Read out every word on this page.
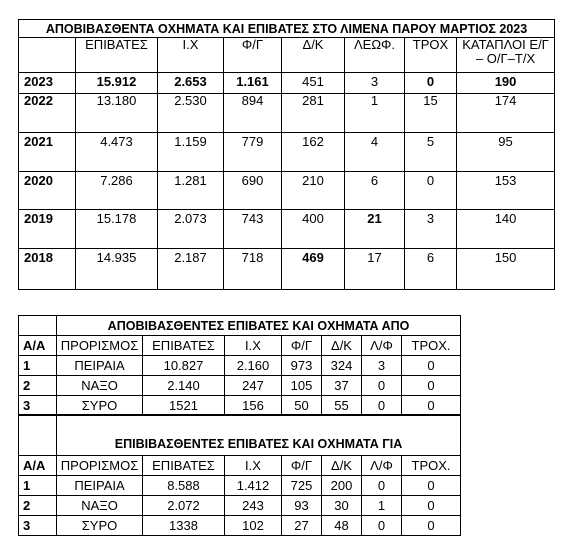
ΑΠΟΒΙΒΑΣΘΕΝΤΑ ΟΧΗΜΑΤΑ ΚΑΙ ΕΠΙΒΑΤΕΣ ΣΤΟ ΛΙΜΕΝΑ ΠΑΡΟΥ ΜΑΡΤΙΟΣ 2023							
	ΕΠΙΒΑΤΕΣ	Ι.Χ	Φ/Γ	Δ/Κ	ΛΕΩΦ.	ΤΡΟΧ	ΚΑΤΑΠΛΟΙ Ε/Γ – Ο/Γ–Τ/Χ
2023	15.912	2.653	1.161	451	3	0	190
2022	13.180	2.530	894	281	1	15	174
2021	4.473	1.159	779	162	4	5	95
2020	7.286	1.281	690	210	6	0	153
2019	15.178	2.073	743	400	21	3	140
2018	14.935	2.187	718	469	17	6	150
	ΑΠΟΒΙΒΑΣΘΕΝΤΕΣ ΕΠΙΒΑΤΕΣ ΚΑΙ ΟΧΗΜΑΤΑ ΑΠΟ						
Α/Α	ΠΡΟΡΙΣΜΟΣ	ΕΠΙΒΑΤΕΣ	Ι.Χ	Φ/Γ	Δ/Κ	Λ/Φ	ΤΡΟΧ.
1	ΠΕΙΡΑΙΑ	10.827	2.160	973	324	3	0
2	ΝΑΞΟ	2.140	247	105	37	0	0
3	ΣΥΡΟ	1521	156	50	55	0	0
	ΕΠΙΒΙΒΑΣΘΕΝΤΕΣ ΕΠΙΒΑΤΕΣ ΚΑΙ ΟΧΗΜΑΤΑ ΓΙΑ						
Α/Α	ΠΡΟΡΙΣΜΟΣ	ΕΠΙΒΑΤΕΣ	Ι.Χ	Φ/Γ	Δ/Κ	Λ/Φ	ΤΡΟΧ.
1	ΠΕΙΡΑΙΑ	8.588	1.412	725	200	0	0
2	ΝΑΞΟ	2.072	243	93	30	1	0
3	ΣΥΡΟ	1338	102	27	48	0	0
